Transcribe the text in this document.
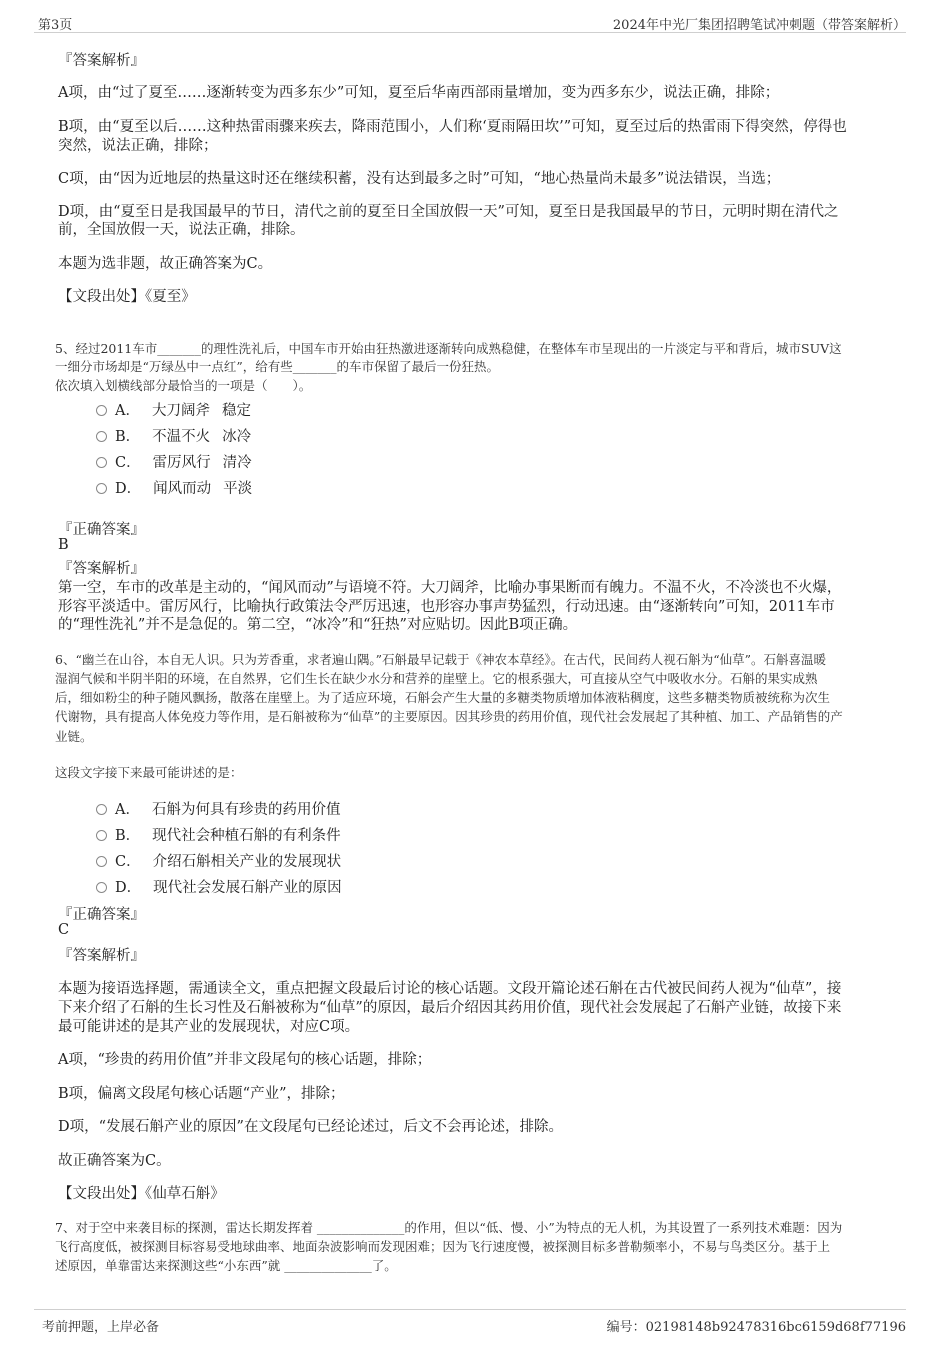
第3页	2024年中光厂集团招聘笔试冲刺题（带答案解析）
『答案解析』
A项，由“过了夏至……逐渐转变为西多东少”可知，夏至后华南西部雨量增加，变为西多东少，说法正确，排除；
B项，由“夏至以后……这种热雷雨骤来疾去，降雨范围小，人们称‘夏雨隔田坎’”可知，夏至过后的热雷雨下得突然，停得也
突然，说法正确，排除；
C项，由“因为近地层的热量这时还在继续积蓄，没有达到最多之时”可知，“地心热量尚未最多”说法错误，当选；
D项，由“夏至日是我国最早的节日，清代之前的夏至日全国放假一天”可知，夏至日是我国最早的节日，元明时期在清代之
前，全国放假一天，说法正确，排除。
本题为选非题，故正确答案为C。
【文段出处】《夏至》
5、经过2011车市_______的理性洗礼后，中国车市开始由狂热激进逐渐转向成熟稳健，在整体车市呈现出的一片淡定与平和背后，城市SUV这
一细分市场却是“万绿丛中一点红”，给有些_______的车市保留了最后一份狂热。
依次填入划横线部分最恰当的一项是（　　）。
A． 大刀阔斧 稳定
B． 不温不火 冰冷
C． 雷厉风行 清冷
D． 闻风而动 平淡
『正确答案』
B
『答案解析』
第一空，车市的改革是主动的，“闻风而动”与语境不符。大刀阔斧，比喻办事果断而有魄力。不温不火，不冷淡也不火爆，
形容平淡适中。雷厉风行，比喻执行政策法令严厉迅速，也形容办事声势猛烈，行动迅速。由“逐渐转向”可知，2011车市
的“理性洗礼”并不是急促的。第二空，“冰冷”和“狂热”对应贴切。因此B项正确。
6、“幽兰在山谷，本自无人识。只为芳香重，求者遍山隅。”石斛最早记载于《神农本草经》。在古代，民间药人视石斛为“仙草”。石斛喜温暖
湿润气候和半阴半阳的环境，在自然界，它们生长在缺少水分和营养的崖壁上。它的根系强大，可直接从空气中吸收水分。石斛的果实成熟
后，细如粉尘的种子随风飘扬，散落在崖壁上。为了适应环境，石斛会产生大量的多糖类物质增加体液粘稠度，这些多糖类物质被统称为次生
代谢物，具有提高人体免疫力等作用，是石斛被称为“仙草”的主要原因。因其珍贵的药用价值，现代社会发展起了其种植、加工、产品销售的产
业链。
这段文字接下来最可能讲述的是：
A． 石斛为何具有珍贵的药用价值
B． 现代社会种植石斛的有利条件
C． 介绍石斛相关产业的发展现状
D． 现代社会发展石斛产业的原因
『正确答案』
C
『答案解析』
本题为接语选择题，需通读全文，重点把握文段最后讨论的核心话题。文段开篇论述石斛在古代被民间药人视为“仙草”，接
下来介绍了石斛的生长习性及石斛被称为“仙草”的原因，最后介绍因其药用价值，现代社会发展起了石斛产业链，故接下来
最可能讲述的是其产业的发展现状，对应C项。
A项，“珍贵的药用价值”并非文段尾句的核心话题，排除；
B项，偏离文段尾句核心话题“产业”，排除；
D项，“发展石斛产业的原因”在文段尾句已经论述过，后文不会再论述，排除。
故正确答案为C。
【文段出处】《仙草石斛》
7、对于空中来袭目标的探测，雷达长期发挥着 ______________的作用，但以“低、慢、小”为特点的无人机，为其设置了一系列技术难题：因为
飞行高度低，被探测目标容易受地球曲率、地面杂波影响而发现困难；因为飞行速度慢，被探测目标多普勒频率小，不易与鸟类区分。基于上
述原因，单靠雷达来探测这些“小东西”就 ______________了。
考前押题，上岸必备	编号：02198148b92478316bc6159d68f77196
